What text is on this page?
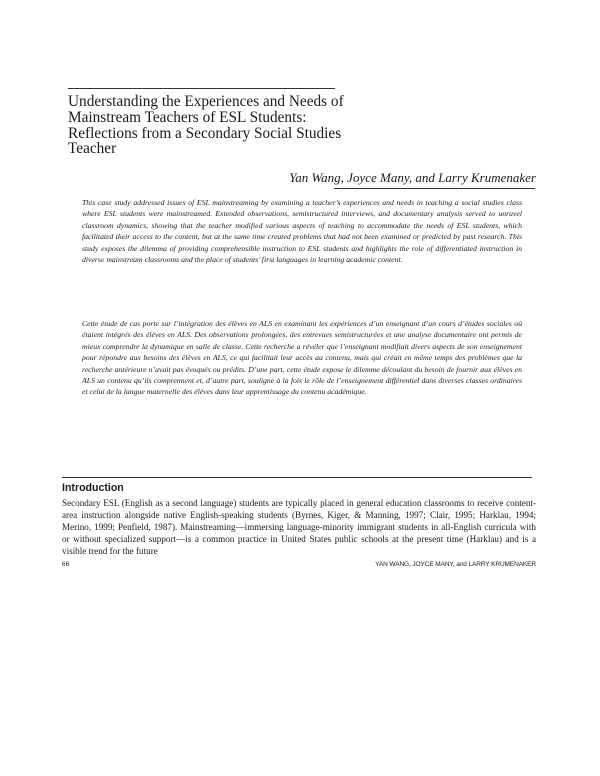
Understanding the Experiences and Needs of Mainstream Teachers of ESL Students: Reflections from a Secondary Social Studies Teacher
Yan Wang, Joyce Many, and Larry Krumenaker

This case study addressed issues of ESL mainstreaming by examining a teacher’s experiences and needs in teaching a social studies class where ESL students were mainstreamed. Extended observations, semistructured interviews, and documentary analysis served to unravel classroom dynamics, showing that the teacher modified various aspects of teaching to accommodate the needs of ESL students, which facilitated their access to the content, but at the same time created problems that had not been examined or predicted by past research. This study exposes the dilemma of providing comprehensible instruction to ESL students and highlights the role of differentiated instruction in diverse mainstream classrooms and the place of students’ first languages in learning academic content.

Cette étude de cas porte sur l’intégration des élèves en ALS en examinant les expériences d’un enseignant d’un cours d’études sociales où étaient intégrés des élèves en ALS. Des observations prolongées, des entrevues semistructurées et une analyse documentaire ont permis de mieux comprendre la dynamique en salle de classe. Cette recherche a révéler que l’enseignant modifiait divers aspects de son enseignement pour répondre aux besoins des élèves en ALS, ce qui facilitait leur accès au contenu, mais qui créait en même temps des problèmes que la recherche antérieure n’avait pas évoqués ou prédits. D’une part, cette étude expose le dilemme découlant du besoin de fournir aux élèves en ALS un contenu qu’ils comprennent et, d’autre part, souligne à la fois le rôle de l’enseignement différentiel dans diverses classes ordinaires et celui de la langue maternelle des élèves dans leur apprentissage du contenu académique.

Introduction

Secondary ESL (English as a second language) students are typically placed in general education classrooms to receive content-area instruction alongside native English-speaking students (Byrnes, Kiger, & Manning, 1997; Clair, 1995; Harklau, 1994; Merino, 1999; Penfield, 1987). Mainstreaming—immersing language-minority immigrant students in all-English curricula with or without specialized support—is a common practice in United States public schools at the present time (Harklau) and is a visible trend for the future

66	YAN WANG, JOYCE MANY, and LARRY KRUMENAKER
